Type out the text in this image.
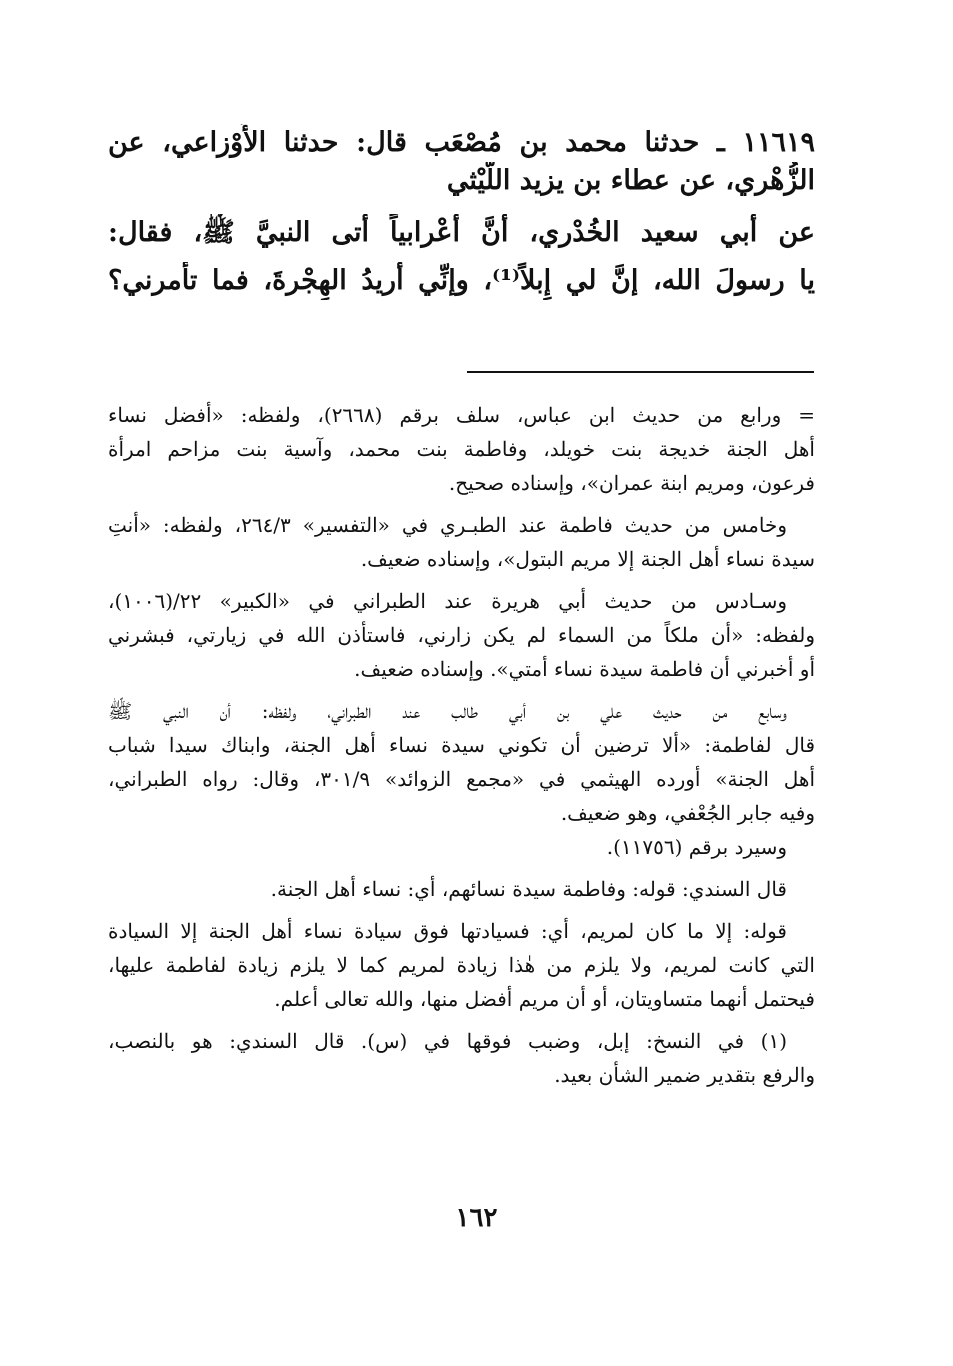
١١٦١٩ ـ حدثنا محمد بن مُصْعَب قال: حدثنا الأَوْزاعي، عن

الزُّهْري، عن عطاء بن يزيد اللَّيْثي

عن أبي سعيد الخُدْري، أَنَّ أَعْرابياً أتى النبيَّ ﷺ، فقال:

يا رسولَ الله، إنَّ لي إِبلاً⁽¹⁾، وإنِّي أُريدُ الهِجْرةَ، فما تأمرني؟

= ورابع من حديث ابن عباس، سلف برقم (٢٦٦٨)، ولفظه: «أفضل نساء

أهل الجنة خديجة بنت خويلد، وفاطمة بنت محمد، وآسية بنت مزاحم امرأة

فرعون، ومريم ابنة عمران»، وإسناده صحيح.

وخامس من حديث فاطمة عند الطبـري في «التفسير» ٢٦٤/٣، ولفظه: «أنتِ

سيدة نساء أهل الجنة إلا مريم البتول»، وإسناده ضعيف.

وسـادس من حديث أبي هريرة عند الطبراني في «الكبير» ٢٢/(١٠٠٦)،

ولفظه: «أن ملكاً من السماء لم يكن زارني، فاستأذن الله في زيارتي، فبشرني

أو أخبرني أن فاطمة سيدة نساء أمتي». وإسناده ضعيف.

وسابع من حديث علي بن أبي طالب عند الطبراني، ولفظه: أن النبي ﷺ

قال لفاطمة: «ألا ترضين أن تكوني سيدة نساء أهل الجنة، وابناك سيدا شباب

أهل الجنة» أورده الهيثمي في «مجمع الزوائد» ٣٠١/٩، وقال: رواه الطبراني،

وفيه جابر الجُعْفي، وهو ضعيف.

وسيرد برقم (١١٧٥٦).

قال السندي: قوله: وفاطمة سيدة نسائهم، أي: نساء أهل الجنة.

قوله: إلا ما كان لمريم، أي: فسيادتها فوق سيادة نساء أهل الجنة إلا السيادة

التي كانت لمريم، ولا يلزم من هٰذا زيادة لمريم كما لا يلزم زيادة لفاطمة عليها،

فيحتمل أنهما متساويتان، أو أن مريم أفضل منها، والله تعالى أعلم.

(١) في النسخ: إبل، وضبب فوقها في (س). قال السندي: هو بالنصب،

والرفع بتقدير ضمير الشأن بعيد.

١٦٢
